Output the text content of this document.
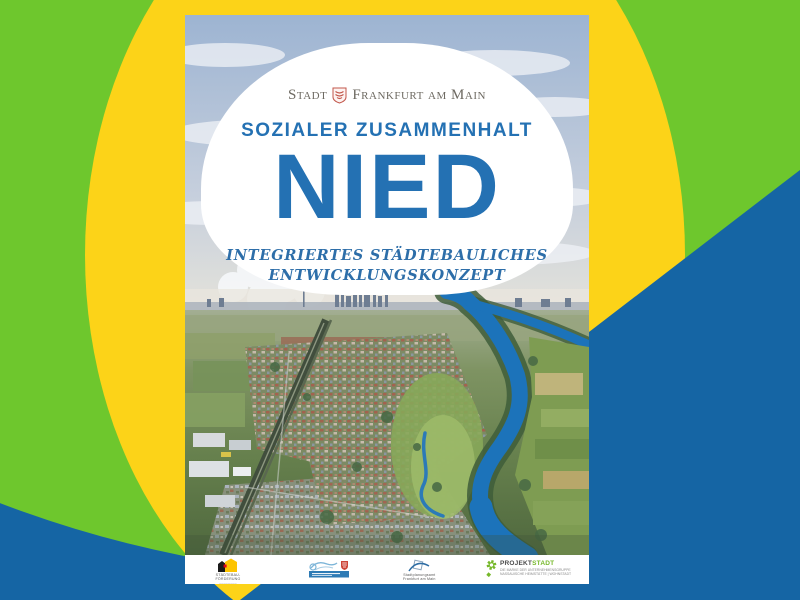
Stadt Frankfurt am Main
SOZIALER ZUSAMMENHALT
NIED
INTEGRIERTES STÄDTEBAULICHES
ENTWICKLUNGSKONZEPT
STÄDTEBAU-
FÖRDERUNG
––––––––
Stadtplanungsamt
Frankfurt am Main
PROJEKTSTADT
DIE MARKE DER UNTERNEHMENSGRUPPE
NASSAUISCHE HEIMSTÄTTE | WOHNSTADT
